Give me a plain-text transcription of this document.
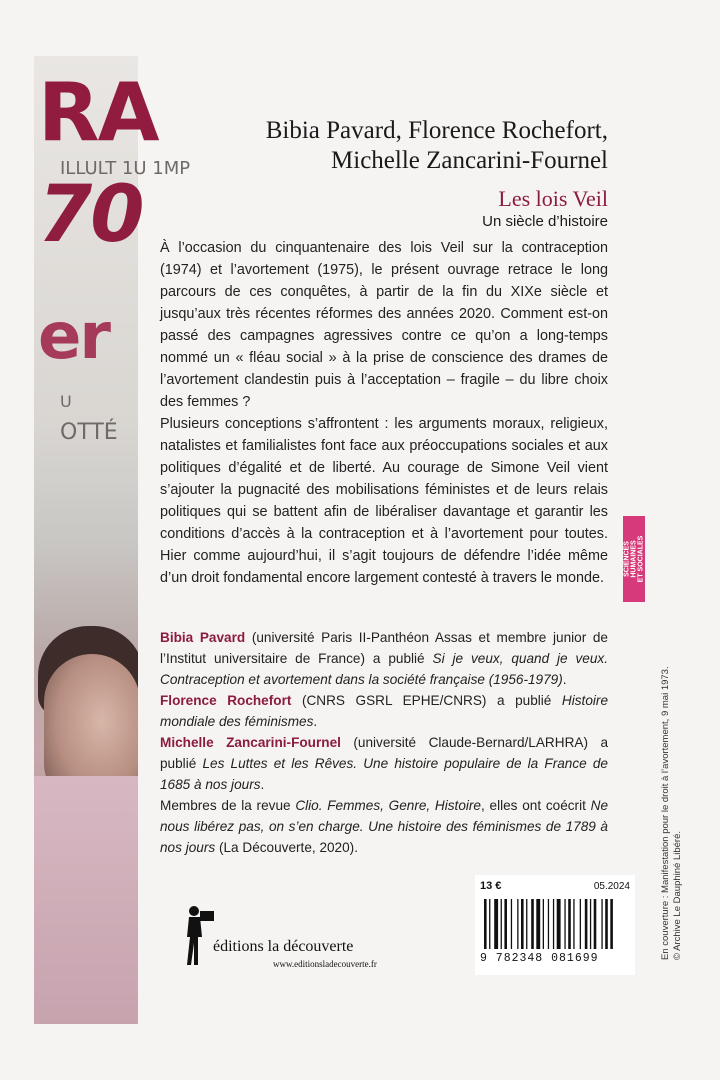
RA
ILLULT 1U 1MP
70
er
U
OTTÉ
Bibia Pavard, Florence Rochefort,
Michelle Zancarini-Fournel
Les lois Veil
Un siècle d’histoire

À l’occasion du cinquantenaire des lois Veil sur la contraception (1974) et l’avortement (1975), le présent ouvrage retrace le long parcours de ces conquêtes, à partir de la fin du XIXe siècle et jusqu’aux très récentes réformes des années 2020. Comment est-on passé des campagnes agressives contre ce qu’on a long-temps nommé un « fléau social » à la prise de conscience des drames de l’avortement clandestin puis à l’acceptation – fragile – du libre choix des femmes ?

Plusieurs conceptions s’affrontent : les arguments moraux, religieux, natalistes et familialistes font face aux préoccupations sociales et aux politiques d’égalité et de liberté. Au courage de Simone Veil vient s’ajouter la pugnacité des mobilisations féministes et de leurs relais politiques qui se battent afin de libéraliser davantage et garantir les conditions d’accès à la contraception et à l’avortement pour toutes. Hier comme aujourd’hui, il s’agit toujours de défendre l’idée même d’un droit fondamental encore largement contesté à travers le monde.

Bibia Pavard (université Paris II-Panthéon Assas et membre junior de l’Institut universitaire de France) a publié Si je veux, quand je veux. Contraception et avortement dans la société française (1956-1979).

Florence Rochefort (CNRS GSRL EPHE/CNRS) a publié Histoire mondiale des féminismes.

Michelle Zancarini-Fournel (université Claude-Bernard/LARHRA) a publié Les Luttes et les Rêves. Une histoire populaire de la France de 1685 à nos jours.

Membres de la revue Clio. Femmes, Genre, Histoire, elles ont coécrit Ne nous libérez pas, on s’en charge. Une histoire des féminismes de 1789 à nos jours (La Découverte, 2020).

SCIENCES HUMAINES ET SOCIALES
En couverture : Manifestation pour le droit à l’avortement, 9 mai 1973. © Archive Le Dauphiné Libéré.
13 €	05.2024
9 782348 081699
éditions la découverte
www.editionsladecouverte.fr
